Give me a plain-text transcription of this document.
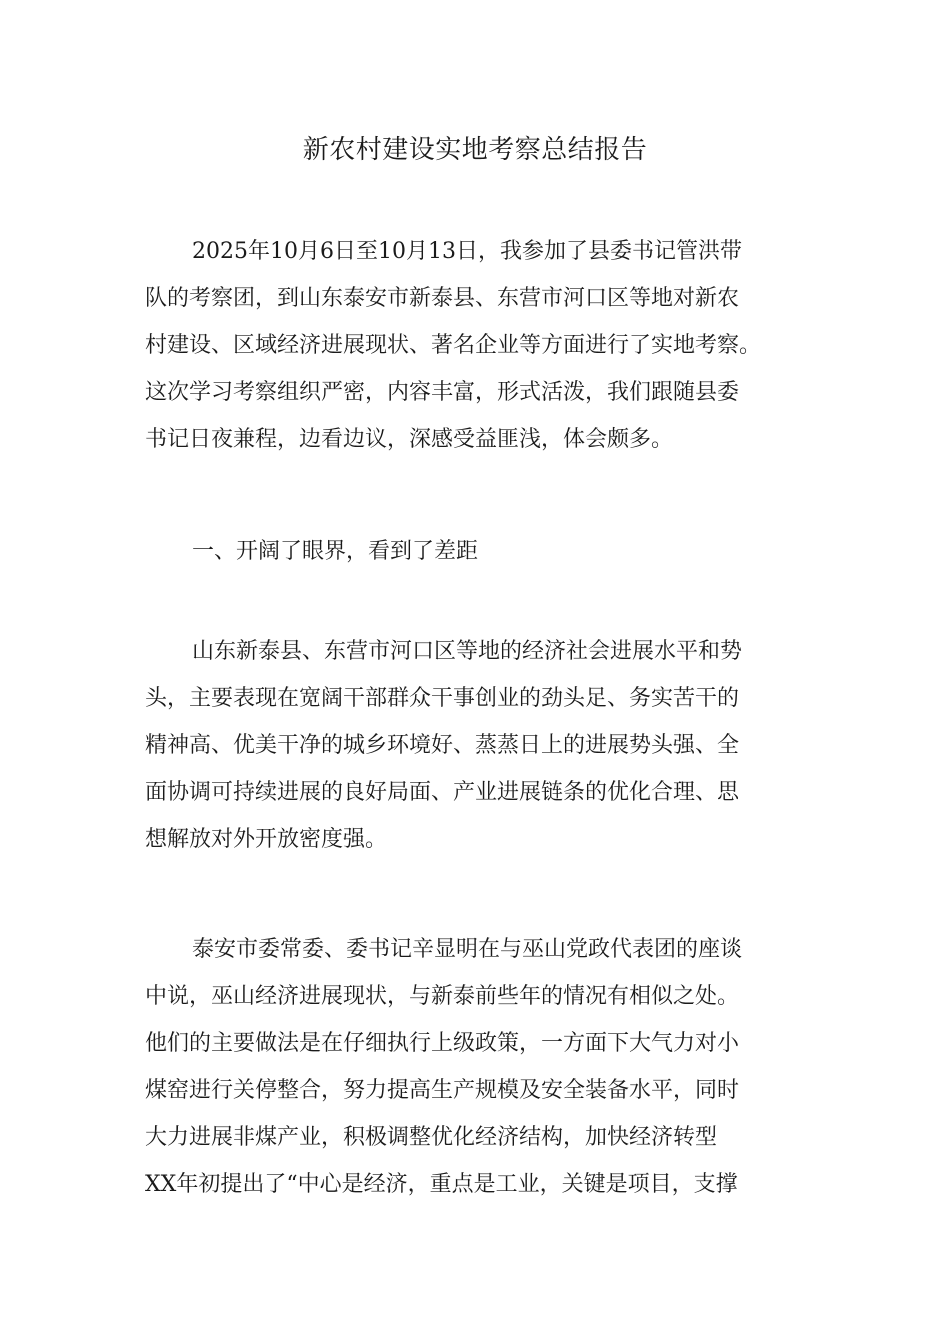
新农村建设实地考察总结报告
2025年10月6日至10月13日，我参加了县委书记管洪带
队的考察团，到山东泰安市新泰县、东营市河口区等地对新农
村建设、区域经济进展现状、著名企业等方面进行了实地考察。
这次学习考察组织严密，内容丰富，形式活泼，我们跟随县委
书记日夜兼程，边看边议，深感受益匪浅，体会颇多。
一、开阔了眼界，看到了差距
山东新泰县、东营市河口区等地的经济社会进展水平和势
头，主要表现在宽阔干部群众干事创业的劲头足、务实苦干的
精神高、优美干净的城乡环境好、蒸蒸日上的进展势头强、全
面协调可持续进展的良好局面、产业进展链条的优化合理、思
想解放对外开放密度强。
泰安市委常委、委书记辛显明在与巫山党政代表团的座谈
中说，巫山经济进展现状，与新泰前些年的情况有相似之处。
他们的主要做法是在仔细执行上级政策，一方面下大气力对小
煤窑进行关停整合，努力提高生产规模及安全装备水平，同时
大力进展非煤产业，积极调整优化经济结构，加快经济转型
XX年初提出了“中心是经济，重点是工业，关键是项目，支撑
